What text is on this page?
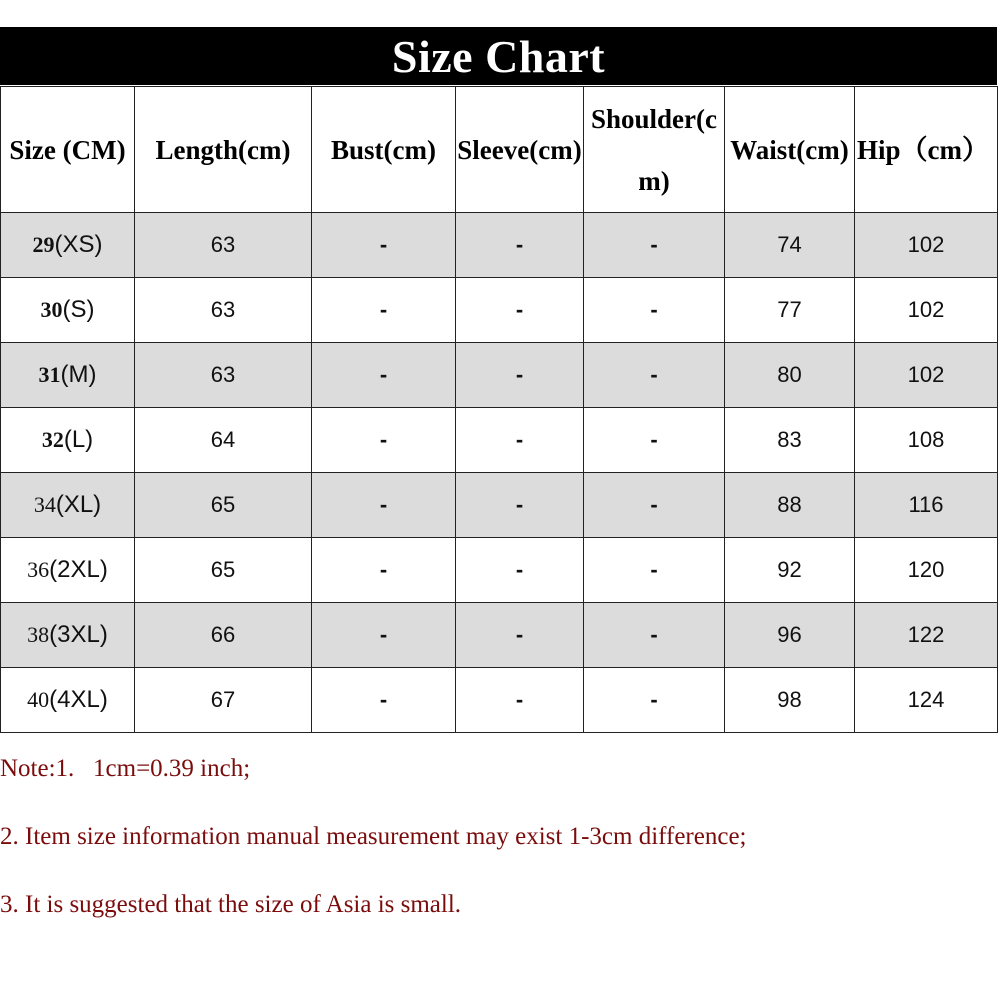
Size Chart
Size (CM)	Length(cm)	Bust(cm)	Sleeve(cm)	Shoulder(cm)	Waist(cm)	Hip（cm）
29(XS)	63	-	-	-	74	102
30(S)	63	-	-	-	77	102
31(M)	63	-	-	-	80	102
32(L)	64	-	-	-	83	108
34(XL)	65	-	-	-	88	116
36(2XL)	65	-	-	-	92	120
38(3XL)	66	-	-	-	96	122
40(4XL)	67	-	-	-	98	124
Note:1.   1cm=0.39 inch;
2. Item size information manual measurement may exist 1-3cm difference;
3. It is suggested that the size of Asia is small.
